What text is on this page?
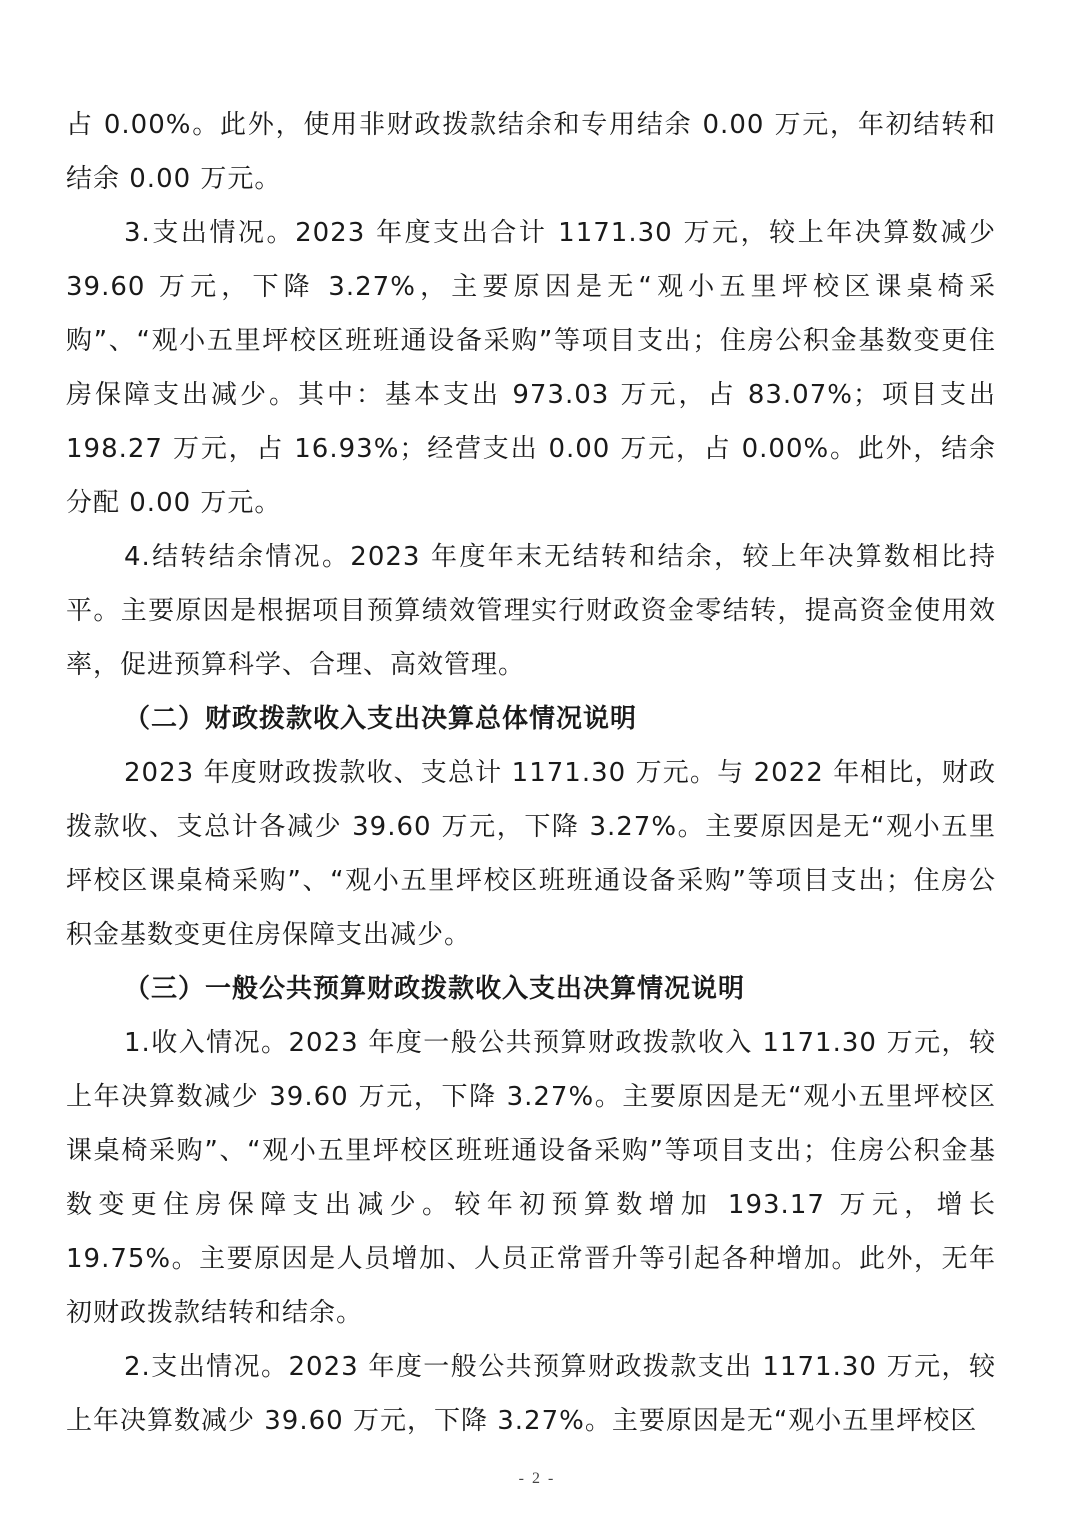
占 0.00%。此外，使用非财政拨款结余和专用结余 0.00 万元，年初结转和结余 0.00 万元。

3.支出情况。2023 年度支出合计 1171.30 万元，较上年决算数减少 39.60 万元，下降 3.27%，主要原因是无“观小五里坪校区课桌椅采购”、“观小五里坪校区班班通设备采购”等项目支出；住房公积金基数变更住房保障支出减少。其中：基本支出 973.03 万元，占 83.07%；项目支出 198.27 万元，占 16.93%；经营支出 0.00 万元，占 0.00%。此外，结余分配 0.00 万元。

4.结转结余情况。2023 年度年末无结转和结余，较上年决算数相比持平。主要原因是根据项目预算绩效管理实行财政资金零结转，提高资金使用效率，促进预算科学、合理、高效管理。

（二）财政拨款收入支出决算总体情况说明

2023 年度财政拨款收、支总计 1171.30 万元。与 2022 年相比，财政拨款收、支总计各减少 39.60 万元，下降 3.27%。主要原因是无“观小五里坪校区课桌椅采购”、“观小五里坪校区班班通设备采购”等项目支出；住房公积金基数变更住房保障支出减少。

（三）一般公共预算财政拨款收入支出决算情况说明

1.收入情况。2023 年度一般公共预算财政拨款收入 1171.30 万元，较上年决算数减少 39.60 万元，下降 3.27%。主要原因是无“观小五里坪校区课桌椅采购”、“观小五里坪校区班班通设备采购”等项目支出；住房公积金基数变更住房保障支出减少。较年初预算数增加 193.17 万元，增长 19.75%。主要原因是人员增加、人员正常晋升等引起各种增加。此外，无年初财政拨款结转和结余。

2.支出情况。2023 年度一般公共预算财政拨款支出 1171.30 万元，较上年决算数减少 39.60 万元，下降 3.27%。主要原因是无“观小五里坪校区

- 2 -
